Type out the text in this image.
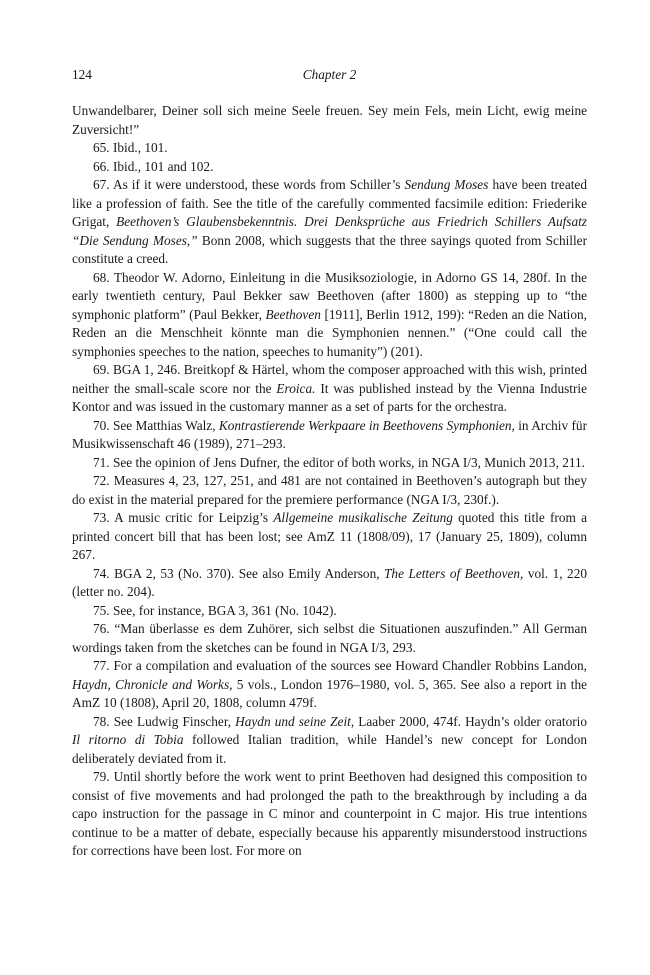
124	Chapter 2

Unwandelbarer, Deiner soll sich meine Seele freuen. Sey mein Fels, mein Licht, ewig meine Zuversicht!”

65. Ibid., 101.

66. Ibid., 101 and 102.

67. As if it were understood, these words from Schiller’s Sendung Moses have been treated like a profession of faith. See the title of the carefully commented facsimile edition: Friederike Grigat, Beethoven’s Glaubensbekenntnis. Drei Denksprüche aus Friedrich Schillers Aufsatz “Die Sendung Moses,” Bonn 2008, which suggests that the three sayings quoted from Schiller constitute a creed.

68. Theodor W. Adorno, Einleitung in die Musiksoziologie, in Adorno GS 14, 280f. In the early twentieth century, Paul Bekker saw Beethoven (after 1800) as stepping up to “the symphonic platform” (Paul Bekker, Beethoven [1911], Berlin 1912, 199): “Reden an die Nation, Reden an die Menschheit könnte man die Symphonien nennen.” (“One could call the symphonies speeches to the nation, speeches to humanity”) (201).

69. BGA 1, 246. Breitkopf & Härtel, whom the composer approached with this wish, printed neither the small-scale score nor the Eroica. It was published instead by the Vienna Industrie Kontor and was issued in the customary manner as a set of parts for the orchestra.

70. See Matthias Walz, Kontrastierende Werkpaare in Beethovens Symphonien, in Archiv für Musikwissenschaft 46 (1989), 271–293.

71. See the opinion of Jens Dufner, the editor of both works, in NGA I/3, Munich 2013, 211.

72. Measures 4, 23, 127, 251, and 481 are not contained in Beethoven’s autograph but they do exist in the material prepared for the premiere performance (NGA I/3, 230f.).

73. A music critic for Leipzig’s Allgemeine musikalische Zeitung quoted this title from a printed concert bill that has been lost; see AmZ 11 (1808/09), 17 (January 25, 1809), column 267.

74. BGA 2, 53 (No. 370). See also Emily Anderson, The Letters of Beethoven, vol. 1, 220 (letter no. 204).

75. See, for instance, BGA 3, 361 (No. 1042).

76. “Man überlasse es dem Zuhörer, sich selbst die Situationen auszufinden.” All German wordings taken from the sketches can be found in NGA I/3, 293.

77. For a compilation and evaluation of the sources see Howard Chandler Robbins Landon, Haydn, Chronicle and Works, 5 vols., London 1976–1980, vol. 5, 365. See also a report in the AmZ 10 (1808), April 20, 1808, column 479f.

78. See Ludwig Finscher, Haydn und seine Zeit, Laaber 2000, 474f. Haydn’s older oratorio Il ritorno di Tobia followed Italian tradition, while Handel’s new concept for London deliberately deviated from it.

79. Until shortly before the work went to print Beethoven had designed this composition to consist of five movements and had prolonged the path to the breakthrough by including a da capo instruction for the passage in C minor and counterpoint in C major. His true intentions continue to be a matter of debate, especially because his apparently misunderstood instructions for corrections have been lost. For more on
